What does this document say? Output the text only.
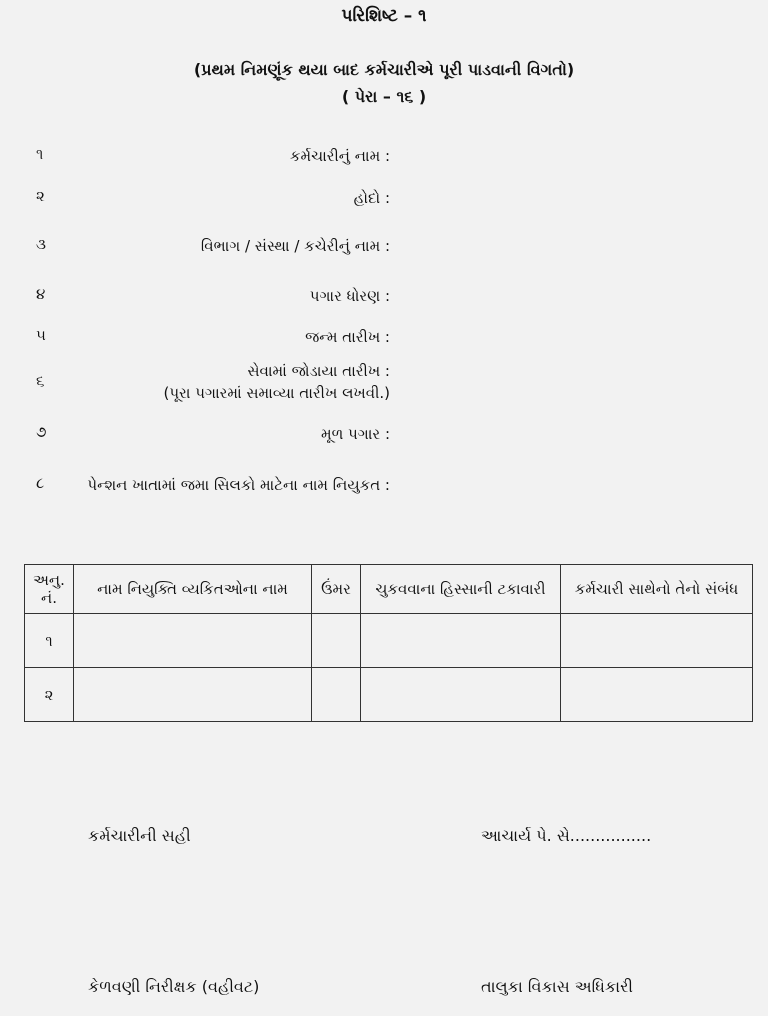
પરિશિષ્ટ – ૧
(પ્રથમ નિમણૂંક થયા બાદ કર્મચારીએ પૂરી પાડવાની વિગતો)
( પેરા – ૧૬ )
૧	કર્મચારીનું નામ :
૨	હોદો :
૩	વિભાગ / સંસ્થા / કચેરીનું નામ :
૪	પગાર ધોરણ :
૫	જન્મ તારીખ :
૬
સેવામાં જોડાયા તારીખ :
(પૂરા પગારમાં સમાવ્યા તારીખ લખવી.)
૭	મૂળ પગાર :
૮	પેન્શન ખાતામાં જમા સિલકો માટેના નામ નિયુકત :
અનુ. નં.	નામ નિયુક્તિ વ્યકિતઓના નામ	ઉંમર	ચુકવવાના હિસ્સાની ટકાવારી	કર્મચારી સાથેનો તેનો સંબંધ
૧				
૨				
કર્મચારીની સહી	આચાર્ય પે. સે................
કેળવણી નિરીક્ષક (વહીવટ)	તાલુકા વિકાસ અધિકારી
